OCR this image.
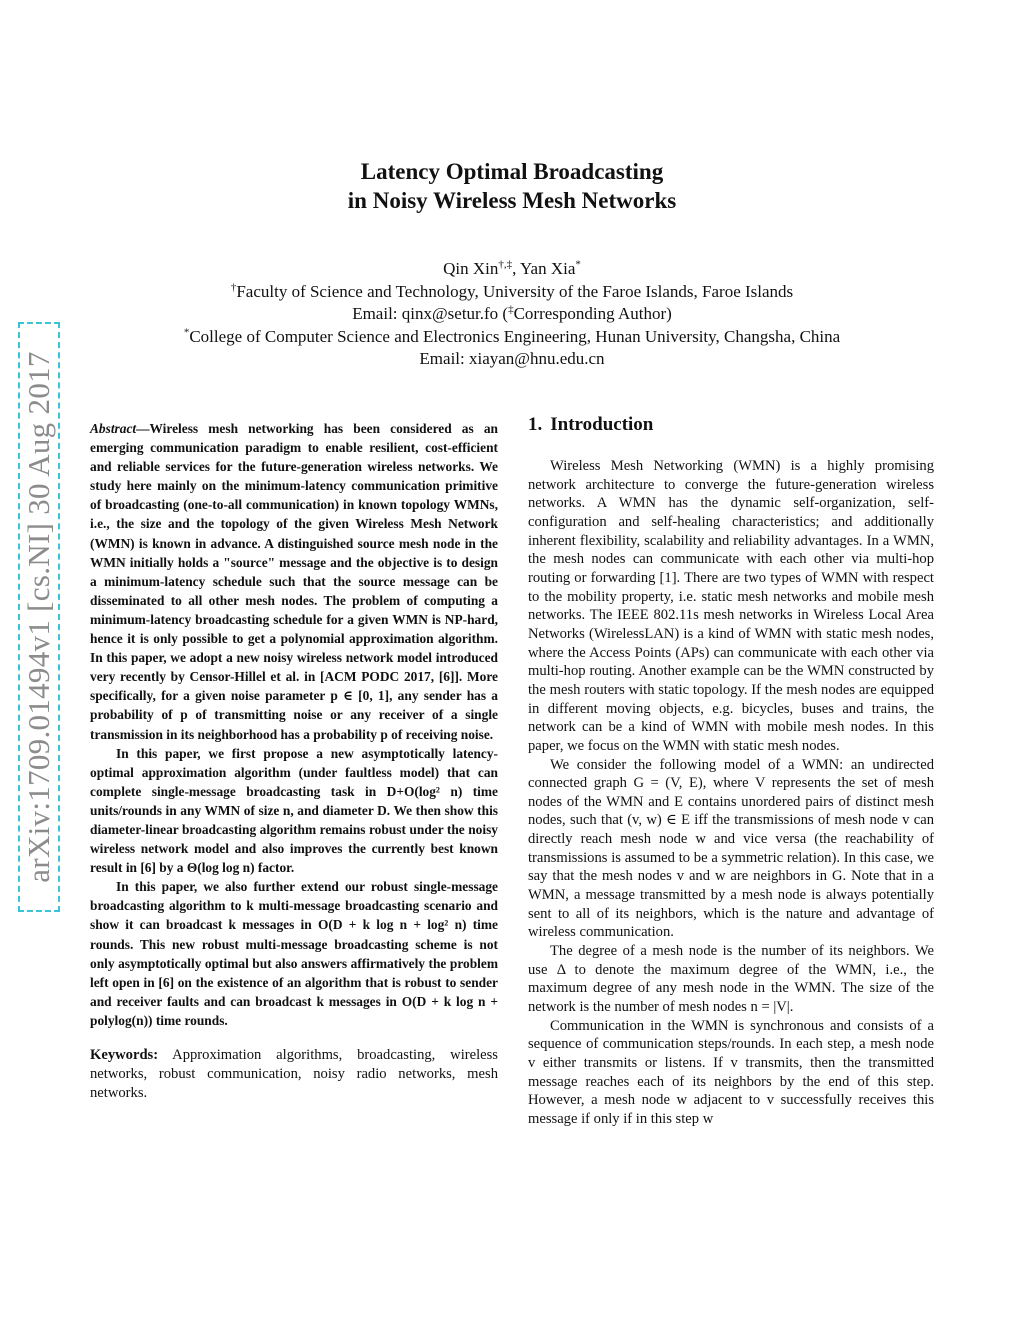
arXiv:1709.01494v1 [cs.NI] 30 Aug 2017
Latency Optimal Broadcasting
in Noisy Wireless Mesh Networks
Qin Xin†,‡, Yan Xia*
†Faculty of Science and Technology, University of the Faroe Islands, Faroe Islands
Email: qinx@setur.fo (‡Corresponding Author)
*College of Computer Science and Electronics Engineering, Hunan University, Changsha, China
Email: xiayan@hnu.edu.cn

Abstract—Wireless mesh networking has been considered as an emerging communication paradigm to enable resilient, cost-efficient and reliable services for the future-generation wireless networks. We study here mainly on the minimum-latency communication primitive of broadcasting (one-to-all communication) in known topology WMNs, i.e., the size and the topology of the given Wireless Mesh Network (WMN) is known in advance. A distinguished source mesh node in the WMN initially holds a "source" message and the objective is to design a minimum-latency schedule such that the source message can be disseminated to all other mesh nodes. The problem of computing a minimum-latency broadcasting schedule for a given WMN is NP-hard, hence it is only possible to get a polynomial approximation algorithm. In this paper, we adopt a new noisy wireless network model introduced very recently by Censor-Hillel et al. in [ACM PODC 2017, [6]]. More specifically, for a given noise parameter p ∈ [0, 1], any sender has a probability of p of transmitting noise or any receiver of a single transmission in its neighborhood has a probability p of receiving noise.

In this paper, we first propose a new asymptotically latency-optimal approximation algorithm (under faultless model) that can complete single-message broadcasting task in D+O(log² n) time units/rounds in any WMN of size n, and diameter D. We then show this diameter-linear broadcasting algorithm remains robust under the noisy wireless network model and also improves the currently best known result in [6] by a Θ(log log n) factor.

In this paper, we also further extend our robust single-message broadcasting algorithm to k multi-message broadcasting scenario and show it can broadcast k messages in O(D + k log n + log² n) time rounds. This new robust multi-message broadcasting scheme is not only asymptotically optimal but also answers affirmatively the problem left open in [6] on the existence of an algorithm that is robust to sender and receiver faults and can broadcast k messages in O(D + k log n + polylog(n)) time rounds.

Keywords: Approximation algorithms, broadcasting, wireless networks, robust communication, noisy radio networks, mesh networks.
1. Introduction

Wireless Mesh Networking (WMN) is a highly promising network architecture to converge the future-generation wireless networks. A WMN has the dynamic self-organization, self-configuration and self-healing characteristics; and additionally inherent flexibility, scalability and reliability advantages. In a WMN, the mesh nodes can communicate with each other via multi-hop routing or forwarding [1]. There are two types of WMN with respect to the mobility property, i.e. static mesh networks and mobile mesh networks. The IEEE 802.11s mesh networks in Wireless Local Area Networks (WirelessLAN) is a kind of WMN with static mesh nodes, where the Access Points (APs) can communicate with each other via multi-hop routing. Another example can be the WMN constructed by the mesh routers with static topology. If the mesh nodes are equipped in different moving objects, e.g. bicycles, buses and trains, the network can be a kind of WMN with mobile mesh nodes. In this paper, we focus on the WMN with static mesh nodes.

We consider the following model of a WMN: an undirected connected graph G = (V, E), where V represents the set of mesh nodes of the WMN and E contains unordered pairs of distinct mesh nodes, such that (v, w) ∈ E iff the transmissions of mesh node v can directly reach mesh node w and vice versa (the reachability of transmissions is assumed to be a symmetric relation). In this case, we say that the mesh nodes v and w are neighbors in G. Note that in a WMN, a message transmitted by a mesh node is always potentially sent to all of its neighbors, which is the nature and advantage of wireless communication.

The degree of a mesh node is the number of its neighbors. We use Δ to denote the maximum degree of the WMN, i.e., the maximum degree of any mesh node in the WMN. The size of the network is the number of mesh nodes n = |V|.

Communication in the WMN is synchronous and consists of a sequence of communication steps/rounds. In each step, a mesh node v either transmits or listens. If v transmits, then the transmitted message reaches each of its neighbors by the end of this step. However, a mesh node w adjacent to v successfully receives this message if only if in this step w
